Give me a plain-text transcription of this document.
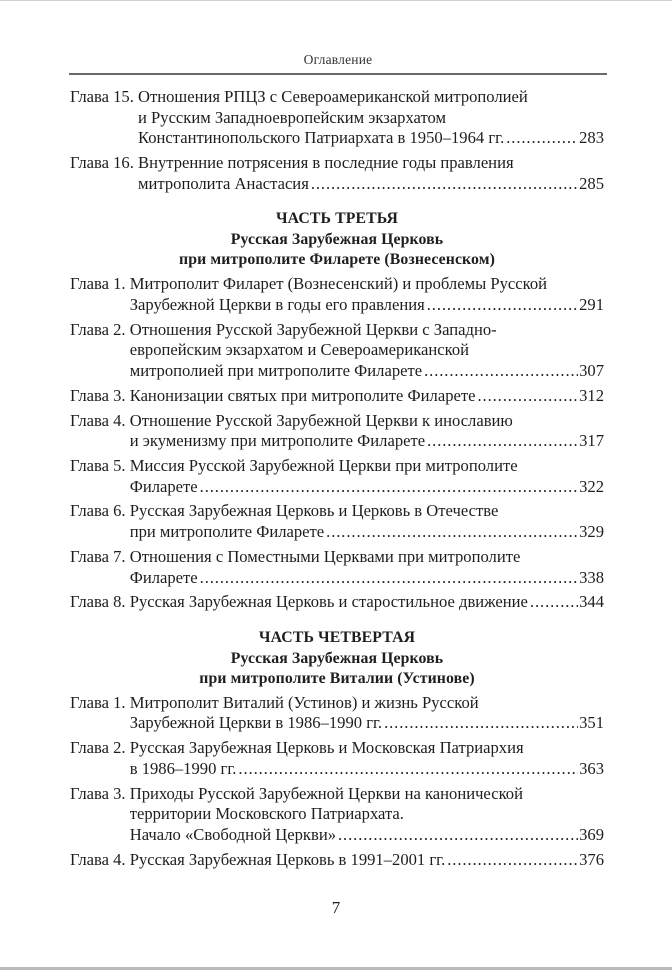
Оглавление
Глава 15. Отношения РПЦЗ с Североамериканской митрополией
и Русским Западноевропейским экзархатом
Константинопольского Патриархата в 1950–1964 гг. .....	283
Глава 16. Внутренние потрясения в последние годы правления
митрополита Анастасия .....	285
ЧАСТЬ ТРЕТЬЯ
Русская Зарубежная Церковь
при митрополите Филарете (Вознесенском)
Глава 1. Митрополит Филарет (Вознесенский) и проблемы Русской
Зарубежной Церкви в годы его правления .....	291
Глава 2. Отношения Русской Зарубежной Церкви с Западно-
европейским экзархатом и Североамериканской
митрополией при митрополите Филарете .....	307
Глава 3. Канонизации святых при митрополите Филарете .....	312
Глава 4. Отношение Русской Зарубежной Церкви к инославию
и экуменизму при митрополите Филарете .....	317
Глава 5. Миссия Русской Зарубежной Церкви при митрополите
Филарете .....	322
Глава 6. Русская Зарубежная Церковь и Церковь в Отечестве
при митрополите Филарете .....	329
Глава 7. Отношения с Поместными Церквами при митрополите
Филарете .....	338
Глава 8. Русская Зарубежная Церковь и старостильное движение .....	344
ЧАСТЬ ЧЕТВЕРТАЯ
Русская Зарубежная Церковь
при митрополите Виталии (Устинове)
Глава 1. Митрополит Виталий (Устинов) и жизнь Русской
Зарубежной Церкви в 1986–1990 гг. .....	351
Глава 2. Русская Зарубежная Церковь и Московская Патриархия
в 1986–1990 гг. .....	363
Глава 3. Приходы Русской Зарубежной Церкви на канонической
территории Московского Патриархата.
Начало «Свободной Церкви» .....	369
Глава 4. Русская Зарубежная Церковь в 1991–2001 гг. .....	376
7
